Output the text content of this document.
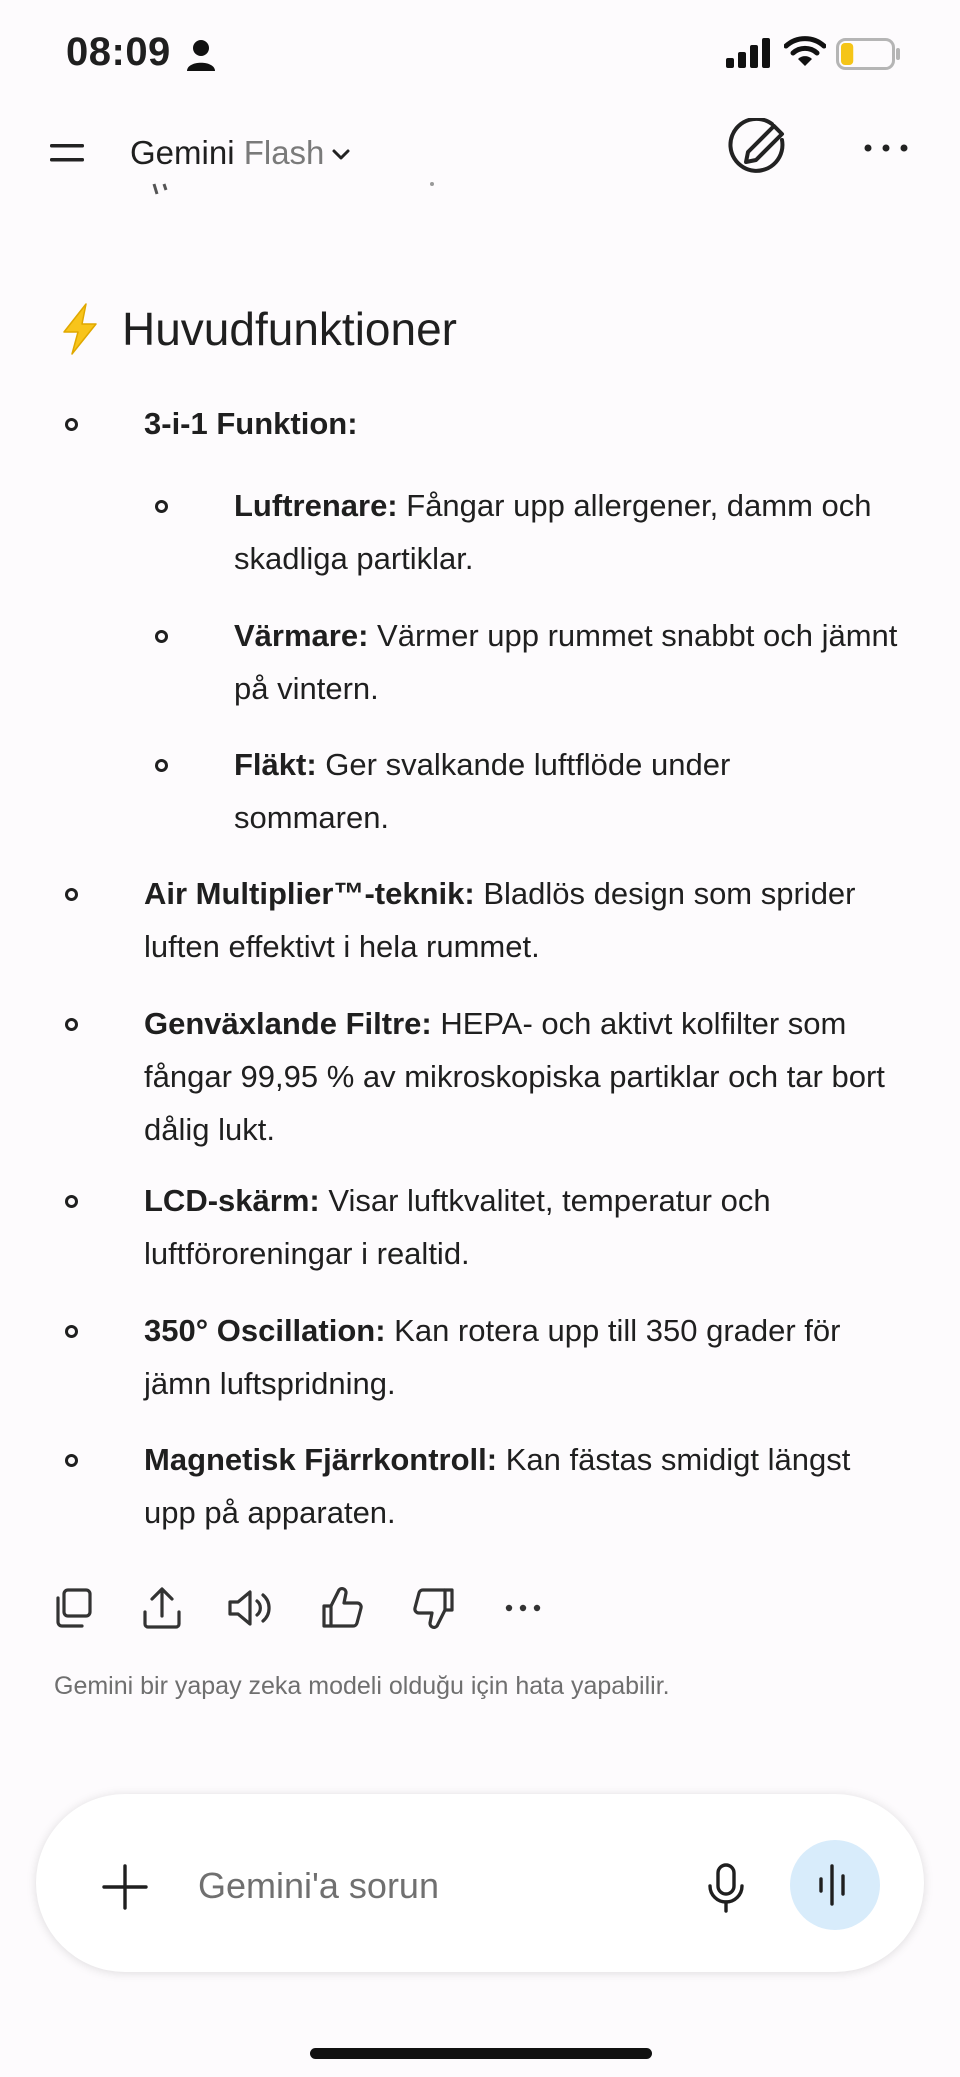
08:09
Gemini Flash
Huvudfunktioner

3-i-1 Funktion:

Luftrenare: Fångar upp allergener, damm och skadliga partiklar.

Värmare: Värmer upp rummet snabbt och jämnt på vintern.

Fläkt: Ger svalkande luftflöde under sommaren.

Air Multiplier™-teknik: Bladlös design som sprider luften effektivt i hela rummet.

Genväxlande Filtre: HEPA- och aktivt kolfilter som fångar 99,95 % av mikroskopiska partiklar och tar bort dålig lukt.

LCD-skärm: Visar luftkvalitet, temperatur och luftföroreningar i realtid.

350° Oscillation: Kan rotera upp till 350 grader för jämn luftspridning.

Magnetisk Fjärrkontroll: Kan fästas smidigt längst upp på apparaten.

Gemini bir yapay zeka modeli olduğu için hata yapabilir.
Gemini'a sorun
